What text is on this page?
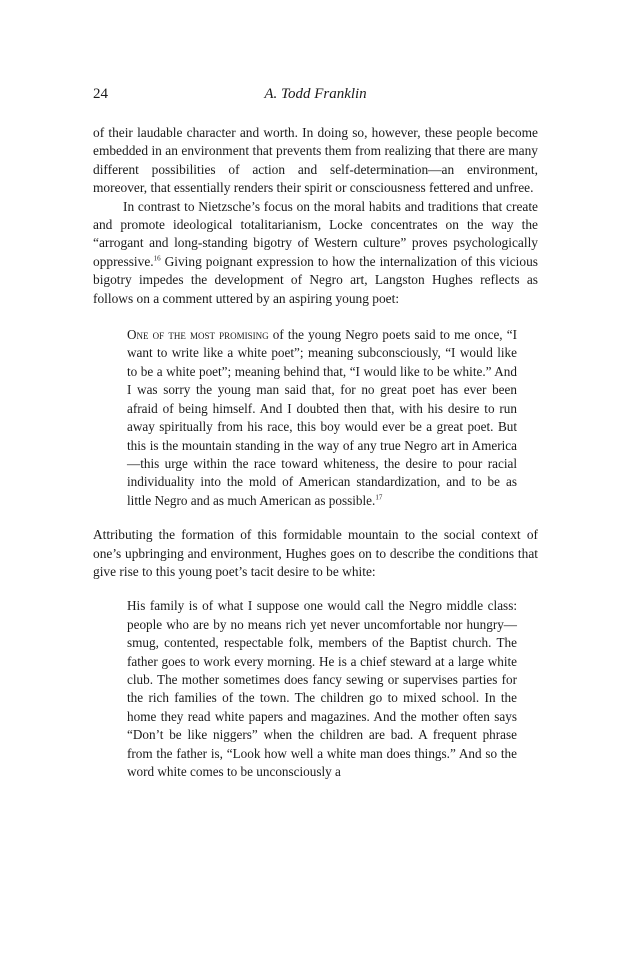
24	A. Todd Franklin

of their laudable character and worth. In doing so, however, these people become embedded in an environment that prevents them from realizing that there are many different possibilities of action and self-determination—an environment, moreover, that essentially renders their spirit or consciousness fettered and unfree.

In contrast to Nietzsche’s focus on the moral habits and traditions that create and promote ideological totalitarianism, Locke concentrates on the way the “arrogant and long-standing bigotry of Western culture” proves psychologically oppressive.$^{16}$ Giving poignant expression to how the internalization of this vicious bigotry impedes the development of Negro art, Langston Hughes reflects as follows on a comment uttered by an aspiring young poet:

One of the most promising of the young Negro poets said to me once, “I want to write like a white poet”; meaning subconsciously, “I would like to be a white poet”; meaning behind that, “I would like to be white.” And I was sorry the young man said that, for no great poet has ever been afraid of being himself. And I doubted then that, with his desire to run away spiritually from his race, this boy would ever be a great poet. But this is the mountain standing in the way of any true Negro art in America—this urge within the race toward whiteness, the desire to pour racial individuality into the mold of American standardization, and to be as little Negro and as much American as possible.$^{17}$

Attributing the formation of this formidable mountain to the social context of one’s upbringing and environment, Hughes goes on to describe the conditions that give rise to this young poet’s tacit desire to be white:

His family is of what I suppose one would call the Negro middle class: people who are by no means rich yet never uncomfortable nor hungry—smug, contented, respectable folk, members of the Baptist church. The father goes to work every morning. He is a chief steward at a large white club. The mother sometimes does fancy sewing or supervises parties for the rich families of the town. The children go to mixed school. In the home they read white papers and magazines. And the mother often says “Don’t be like niggers” when the children are bad. A frequent phrase from the father is, “Look how well a white man does things.” And so the word white comes to be unconsciously a
